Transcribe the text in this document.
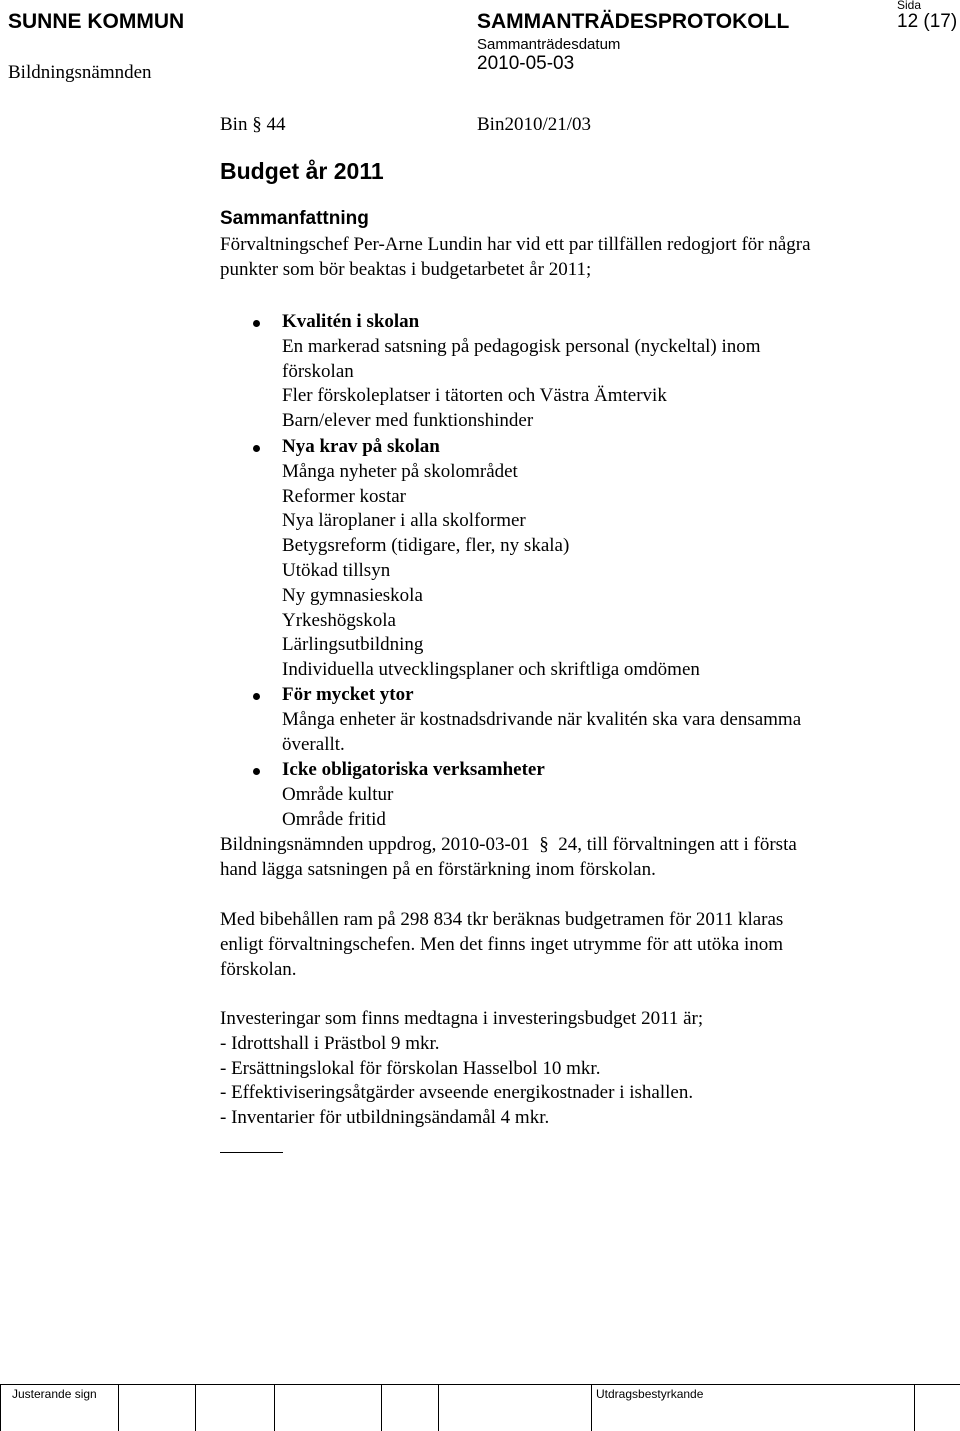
SUNNE KOMMUN
Bildningsnämnden
SAMMANTRÄDESPROTOKOLL
Sammanträdesdatum
2010-05-03
Sida
12 (17)
Bin § 44	Bin2010/21/03
Budget år 2011
Sammanfattning
Förvaltningschef Per-Arne Lundin har vid ett par tillfällen redogjort för några
punkter som bör beaktas i budgetarbetet år 2011;
Kvalitén i skolan
En markerad satsning på pedagogisk personal (nyckeltal) inom
förskolan
Fler förskoleplatser i tätorten och Västra Ämtervik
Barn/elever med funktionshinder
Nya krav på skolan
Många nyheter på skolområdet
Reformer kostar
Nya läroplaner i alla skolformer
Betygsreform (tidigare, fler, ny skala)
Utökad tillsyn
Ny gymnasieskola
Yrkeshögskola
Lärlingsutbildning
Individuella utvecklingsplaner och skriftliga omdömen
För mycket ytor
Många enheter är kostnadsdrivande när kvalitén ska vara densamma
överallt.
Icke obligatoriska verksamheter
Område kultur
Område fritid
Bildningsnämnden uppdrog, 2010-03-01  §  24, till förvaltningen att i första
hand lägga satsningen på en förstärkning inom förskolan.
Med bibehållen ram på 298 834 tkr beräknas budgetramen för 2011 klaras
enligt förvaltningschefen. Men det finns inget utrymme för att utöka inom
förskolan.
Investeringar som finns medtagna i investeringsbudget 2011 är;
- Idrottshall i Prästbol 9 mkr.
- Ersättningslokal för förskolan Hasselbol 10 mkr.
- Effektiviseringsåtgärder avseende energikostnader i ishallen.
- Inventarier för utbildningsändamål 4 mkr.
Justerande sign	Utdragsbestyrkande
